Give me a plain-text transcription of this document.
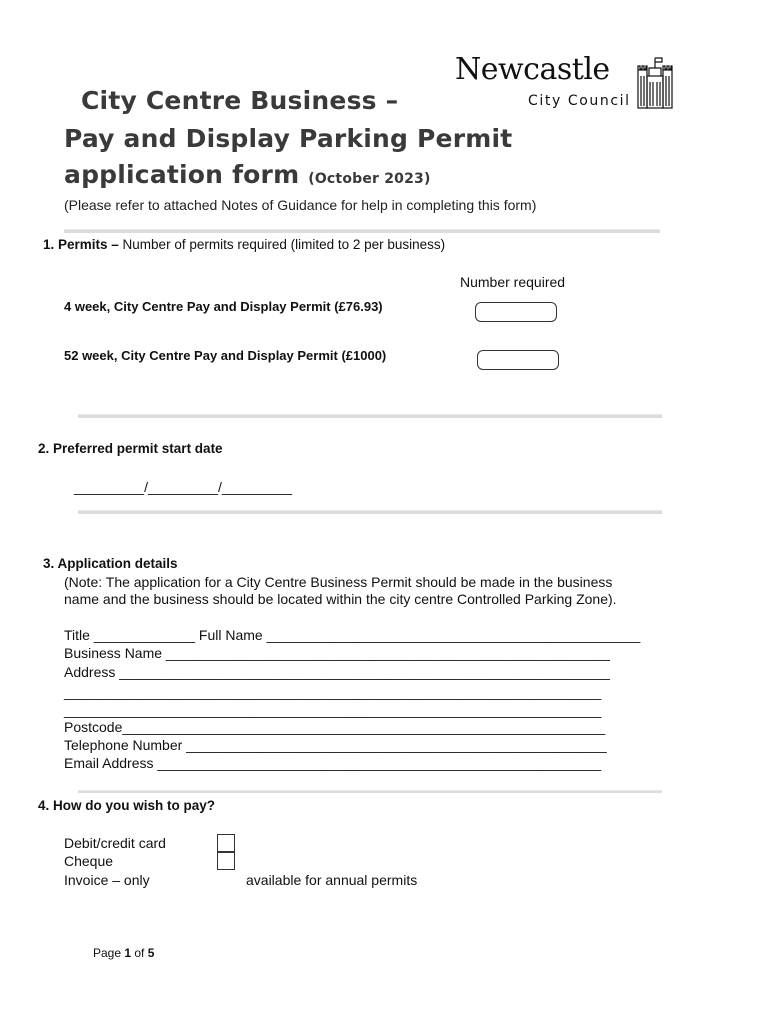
Newcastle
City Council
City Centre Business –
Pay and Display Parking Permit
application form (October 2023)
(Please refer to attached Notes of Guidance for help in completing this form)
1. Permits – Number of permits required (limited to 2 per business)
Number required
4 week, City Centre Pay and Display Permit (£76.93)
52 week, City Centre Pay and Display Permit (£1000)
2. Preferred permit start date
_________/_________/_________
3. Application details
(Note: The application for a City Centre Business Permit should be made in the business
name and the business should be located within the city centre Controlled Parking Zone).
Title _____________ Full Name ________________________________________________
Business Name _________________________________________________________
Address _______________________________________________________________
_____________________________________________________________________
_____________________________________________________________________
Postcode______________________________________________________________
Telephone Number ______________________________________________________
Email Address _________________________________________________________
4. How do you wish to pay?
Debit/credit card
Cheque
Invoice – only	available for annual permits
Page 1 of 5
